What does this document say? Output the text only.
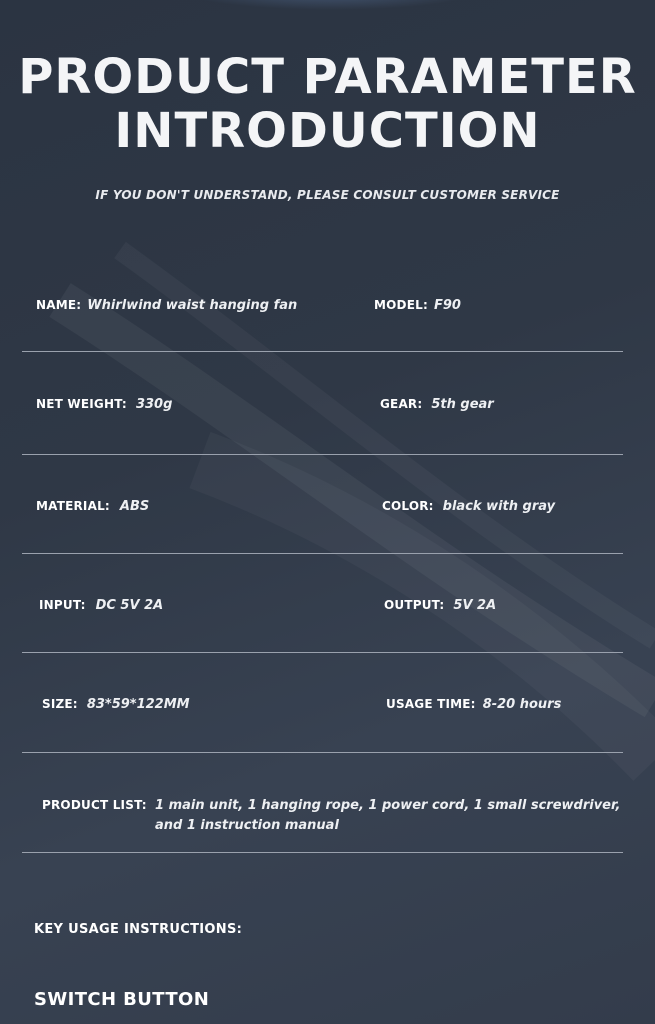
PRODUCT PARAMETER
INTRODUCTION
IF YOU DON'T UNDERSTAND, PLEASE CONSULT CUSTOMER SERVICE
NAME: Whirlwind waist hanging fan	MODEL: F90
NET WEIGHT: 330g	GEAR: 5th gear
MATERIAL: ABS	COLOR: black with gray
INPUT: DC 5V 2A	OUTPUT: 5V 2A
SIZE: 83*59*122MM	USAGE TIME: 8-20 hours
PRODUCT LIST: 1 main unit, 1 hanging rope, 1 power cord, 1 small screwdriver,
and 1 instruction manual
KEY USAGE INSTRUCTIONS:
SWITCH BUTTON
